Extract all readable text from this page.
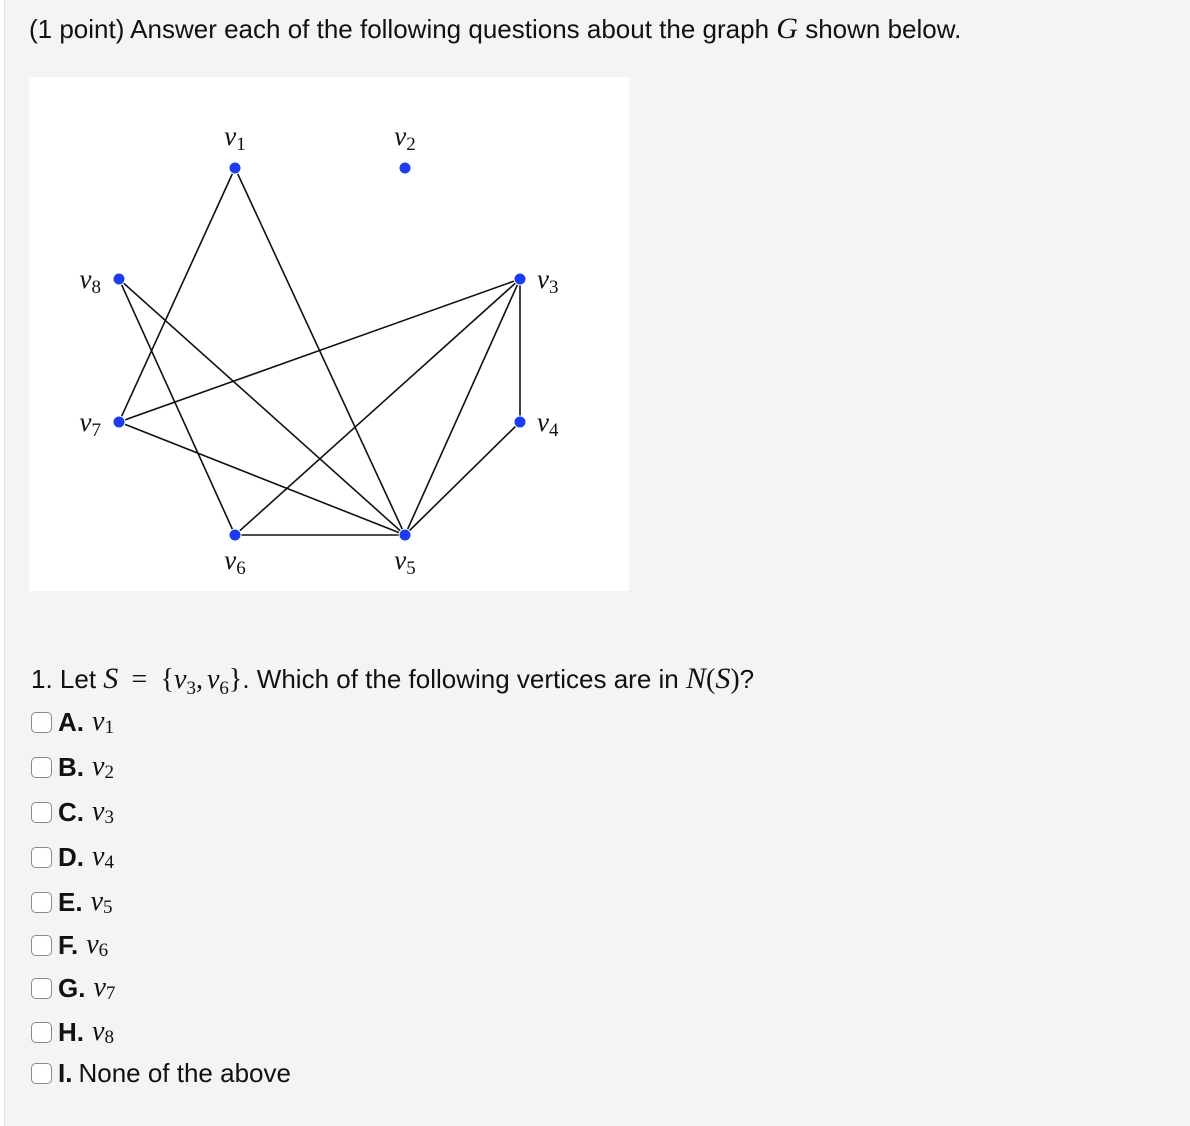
(1 point) Answer each of the following questions about the graph G shown below.
v1	v2
v3
v4
v5
v6
v7
v8
1. Let $S = \{v_3$, $v_6$}. Which of the following vertices are in N(S)?
A. v 1
B. v 2
C. v 3
D. v 4
E. v 5
F. v 6
G. v 7
H. v 8
I. None of the above
